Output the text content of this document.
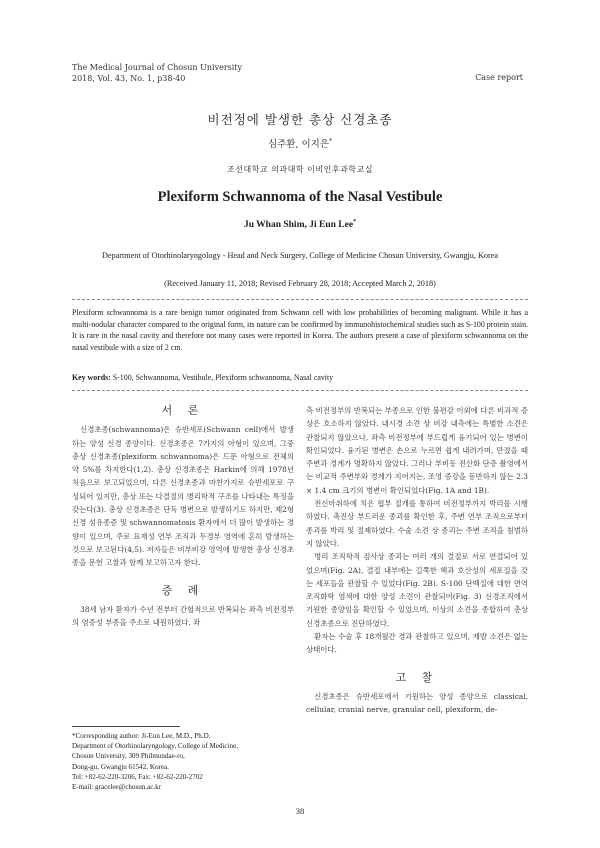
The Medical Journal of Chosun University
2018, Vol. 43, No. 1, p38-40	Case report
비전정에 발생한 총상 신경초종
심주환, 이지은*
조선대학교 의과대학 이비인후과학교실
Plexiform Schwannoma of the Nasal Vestibule
Ju Whan Shim, Ji Eun Lee*
Department of Otorhinolaryngology - Head and Neck Surgery, College of Medicine Chosun University, Gwangju, Korea
(Received January 11, 2018; Revised February 28, 2018; Accepted March 2, 2018)
Plexiform schwannoma is a rare benign tumor originated from Schwann cell with low probabilities of becoming malignant. While it has a multi-nodular character compared to the original form, its nature can be confirmed by immunohistochemical studies such as S-100 protein stain. It is rare in the nasal cavity and therefore not many cases were reported in Korea. The authors present a case of plexiform schwannoma on the nasal vestibule with a size of 2 cm.
Key words: S-100, Schwannoma, Vestibule, Plexiform schwannoma, Nasal cavity
서 론

신경초종(schwannoma)은 슈반세포(Schwann cell)에서 발생하는 양성 신경 종양이다. 신경초종은 7가지의 아형이 있으며, 그중 총상 신경초종(plexiform schwannoma)은 드문 아형으로 전체의 약 5%를 차지한다(1,2). 총상 신경초종은 Harkin에 의해 1978년 처음으로 보고되었으며, 다른 신경초종과 마찬가지로 슈반세포로 구성되어 있지만, 총상 또는 다결절의 병리학적 구조를 나타내는 특징을 갖는다(3). 총상 신경초종은 단독 병변으로 발생하기도 하지만, 제2형 신경 섬유종증 및 schwannomatosis 환자에서 더 많이 발생하는 경향이 있으며, 주로 표재성 연부 조직과 두경부 영역에 흔히 발생하는 것으로 보고된다(4,5). 저자들은 비부비강 영역에 발생한 총상 신경초종을 문헌 고찰과 함께 보고하고자 한다.

증 례

38세 남자 환자가 수년 전부터 간헐적으로 반복되는 좌측 비전정부의 염증성 부종을 주소로 내원하였다. 좌

측 비전정부의 반복되는 부종으로 인한 불편감 이외에 다른 비과적 증상은 호소하지 않았다. 내시경 소견 상 비강 내측에는 특별한 소견은 관찰되지 않았으나, 좌측 비전정부에 부드럽게 융기되어 있는 병변이 확인되었다. 융기된 병변은 손으로 누르면 쉽게 내려가며, 만졌을 때 주변과 경계가 명확하지 않았다. 그러나 부비동 전산화 단층 촬영에서는 비교적 주변부와 경계가 지어지는, 조영 증강을 동반하지 않는 2.3 × 1.4 cm 크기의 병변이 확인되었다(Fig. 1A and 1B).

전신마취하에 치은 협부 절개를 통하여 비전정부까지 박리를 시행하였다. 촉진상 부드러운 종괴를 확인한 후, 주변 연부 조직으로부터 종괴를 박리 및 절제하였다. 수술 소견 상 종괴는 주변 조직을 침범하지 않았다.

병리 조직학적 검사상 종괴는 여러 개의 결절로 서로 연결되어 있었으며(Fig. 2A), 결절 내부에는 길쭉한 핵과 호산성의 세포질을 갖는 세포들을 관찰할 수 있었다(Fig. 2B). S-100 단백질에 대한 면역조직화학 염색에 대한 양성 소견이 관찰되어(Fig. 3) 신경조직에서 기원한 종양임을 확인할 수 있었으며, 이상의 소견을 종합하여 총상 신경초종으로 진단하였다.

환자는 수술 후 18개월간 경과 관찰하고 있으며, 재발 소견은 없는 상태이다.

고 찰

신경초종은 슈반세포에서 기원하는 양성 종양으로 classical, cellular, cranial nerve, granular cell, plexiform, de-

*Corresponding author: Ji-Eun Lee, M.D., Ph.D.
Department of Otorhinolaryngology, College of Medicine,
Chosun University, 309 Philmundae-ro,
Dong-gu, Gwangju 61542, Korea.
Tel: +82-62-220-3206, Fax: +82-62-220-2702
E-mail: gracelee@chosun.ac.kr
38
